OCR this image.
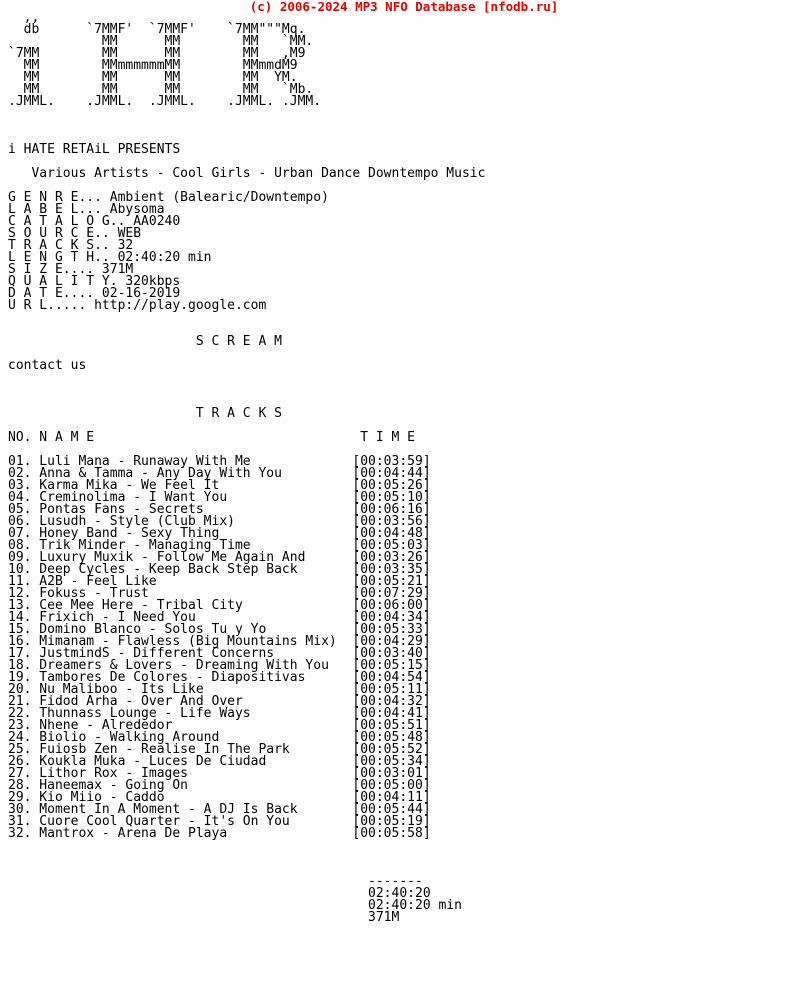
(c) 2006-2024 MP3 NFO Database [nfodb.ru]
,,
db      `7MMF'  `7MMF'    `7MM"""Mq.
MM      MM        MM   `MM.
`7MM        MM      MM        MM   ,M9
MM        MMmmmmmmMM        MMmmdM9
MM        MM      MM        MM  YM.
MM        MM      MM        MM   `Mb.
.JMML.    .JMML.  .JMML.    .JMML. .JMM.

i HATE RETAiL PRESENTS

Various Artists - Cool Girls - Urban Dance Downtempo Music

G E N R E... Ambient (Balearic/Downtempo)
L A B E L... Abysoma
C A T A L O G.. AA0240
S O U R C E.. WEB
T R A C K S.. 32
L E N G T H.. 02:40:20 min
S I Z E.... 371M
Q U A L I T Y. 320kbps
D A T E.... 02-16-2019
U R L..... http://play.google.com

S C R E A M

contact us

T R A C K S

NO. N A M E                                  T I M E

01. Luli Mana - Runaway With Me             [00:03:59]
02. Anna & Tamma - Any Day With You         [00:04:44]
03. Karma Mika - We Feel It                 [00:05:26]
04. Creminolima - I Want You                [00:05:10]
05. Pontas Fans - Secrets                   [00:06:16]
06. Lusudh - Style (Club Mix)               [00:03:56]
07. Honey Band - Sexy Thing                 [00:04:48]
08. Trik Minder - Managing Time             [00:05:03]
09. Luxury Muxik - Follow Me Again And      [00:03:26]
10. Deep Cycles - Keep Back Step Back       [00:03:35]
11. A2B - Feel Like                         [00:05:21]
12. Fokuss - Trust                          [00:07:29]
13. Cee Mee Here - Tribal City              [00:06:00]
14. Frixich - I Need You                    [00:04:34]
15. Domino Blanco - Solos Tu y Yo           [00:05:33]
16. Mimanam - Flawless (Big Mountains Mix)  [00:04:29]
17. JustmindS - Different Concerns          [00:03:40]
18. Dreamers & Lovers - Dreaming With You   [00:05:15]
19. Tambores De Colores - Diapositivas      [00:04:54]
20. Nu Maliboo - Its Like                   [00:05:11]
21. Fidod Arha - Over And Over              [00:04:32]
22. Thunnass Lounge - Life Ways             [00:04:41]
23. Nhene - Alrededor                       [00:05:51]
24. Biolio - Walking Around                 [00:05:48]
25. Fuiosb Zen - Realise In The Park        [00:05:52]
26. Koukla Muka - Luces De Ciudad           [00:05:34]
27. Lithor Rox - Images                     [00:03:01]
28. Haneemax - Going On                     [00:05:00]
29. Kio Miio - Caddo                        [00:04:11]
30. Moment In A Moment - A DJ Is Back       [00:05:44]
31. Cuore Cool Quarter - It's On You        [00:05:19]
32. Mantrox - Arena De Playa                [00:05:58]

-------
02:40:20
02:40:20 min
371M
